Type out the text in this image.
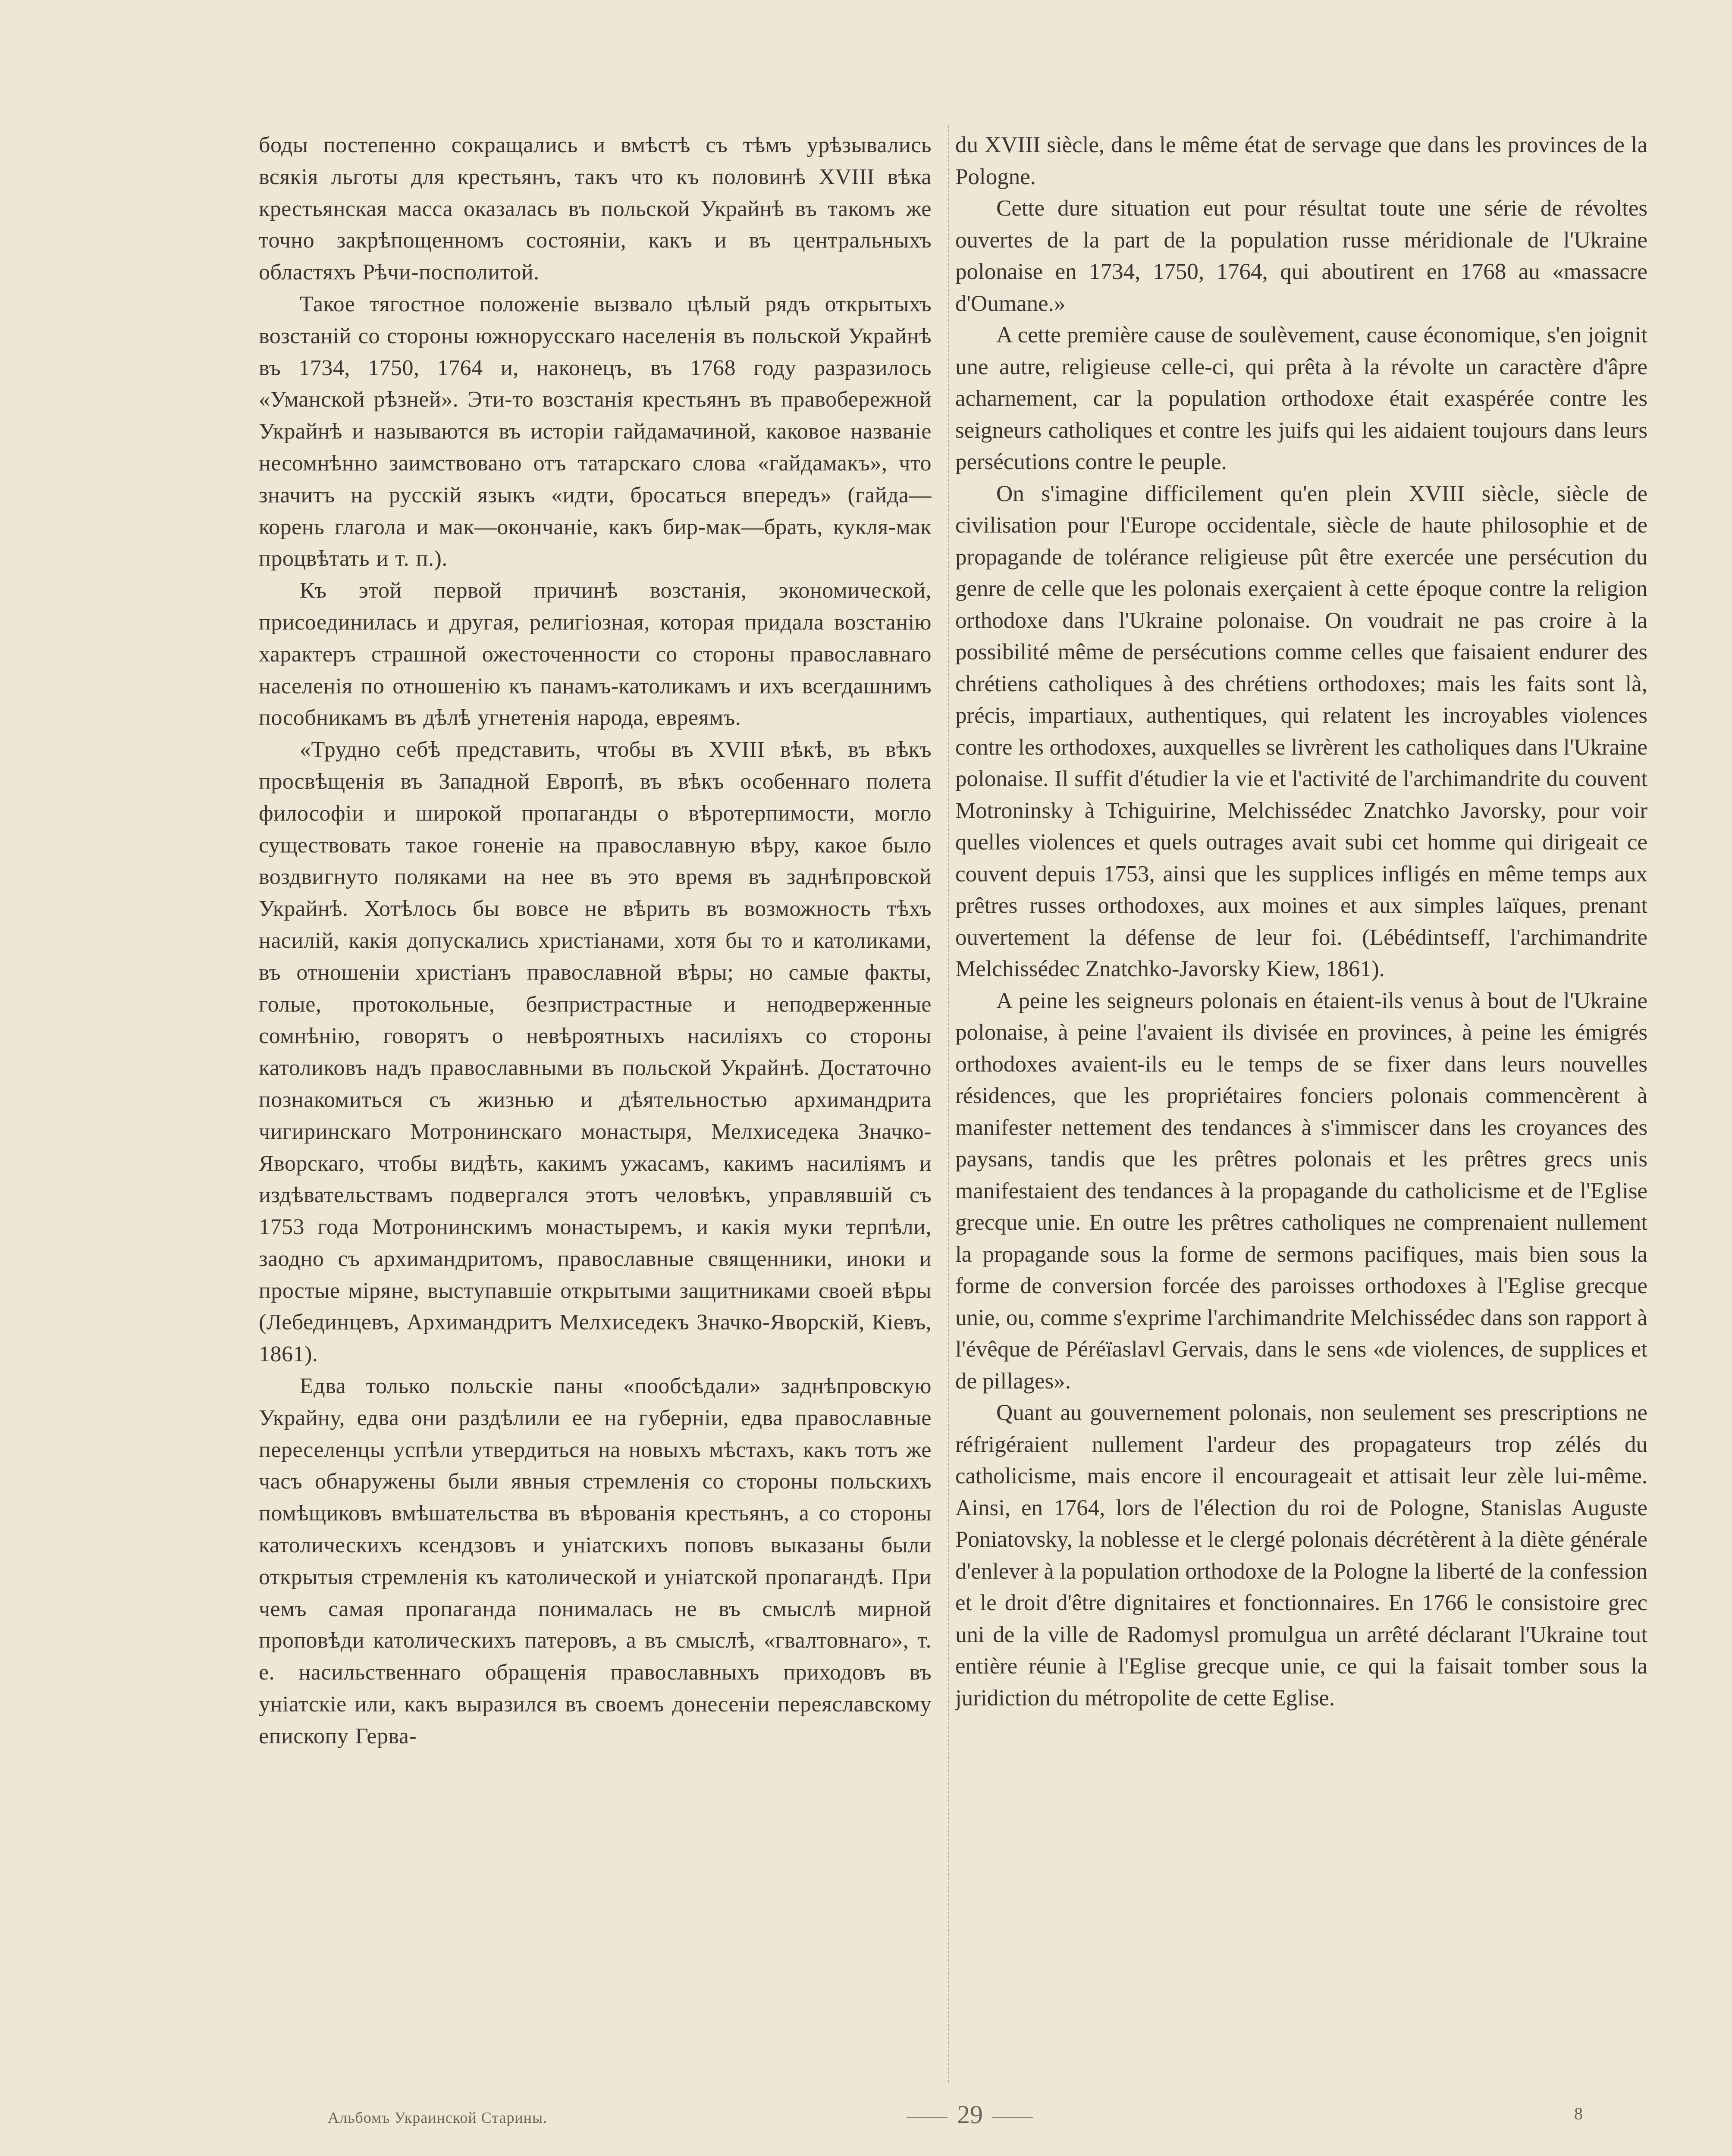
боды постепенно сокращались и вмѣстѣ съ тѣмъ урѣзывались всякія льготы для крестьянъ, такъ что къ половинѣ XVIII вѣка крестьянская масса оказалась въ польской Украйнѣ въ такомъ же точно закрѣпощенномъ состояніи, какъ и въ центральныхъ областяхъ Рѣчи-посполитой.

Такое тягостное положеніе вызвало цѣлый рядъ открытыхъ возстаній со стороны южнорусскаго населенія въ польской Украйнѣ въ 1734, 1750, 1764 и, наконецъ, въ 1768 году разразилось «Уманской рѣзней». Эти-то возстанія крестьянъ въ правобережной Украйнѣ и называются въ исторіи гайдамачиной, каковое названіе несомнѣнно заимствовано отъ татарскаго слова «гайдамакъ», что значитъ на русскій языкъ «идти, бросаться впередъ» (гайда—корень глагола и мак—окончаніе, какъ бир-мак—брать, кукля-мак процвѣтать и т. п.).

Къ этой первой причинѣ возстанія, экономической, присоединилась и другая, религіозная, которая придала возстанію характеръ страшной ожесточенности со стороны православнаго населенія по отношенію къ панамъ-католикамъ и ихъ всегдашнимъ пособникамъ въ дѣлѣ угнетенія народа, евреямъ.

«Трудно себѣ представить, чтобы въ XVIII вѣкѣ, въ вѣкъ просвѣщенія въ Западной Европѣ, въ вѣкъ особеннаго полета философіи и широкой пропаганды о вѣротерпимости, могло существовать такое гоненіе на православную вѣру, какое было воздвигнуто поляками на нее въ это время въ заднѣпровской Украйнѣ. Хотѣлось бы вовсе не вѣрить въ возможность тѣхъ насилій, какія допускались христіанами, хотя бы то и католиками, въ отношеніи христіанъ православной вѣры; но самые факты, голые, протокольные, безпристрастные и неподверженные сомнѣнію, говорятъ о невѣроятныхъ насиліяхъ со стороны католиковъ надъ православными въ польской Украйнѣ. Достаточно познакомиться съ жизнью и дѣятельностью архимандрита чигиринскаго Мотронинскаго монастыря, Мелхиседека Значко-Яворскаго, чтобы видѣть, какимъ ужасамъ, какимъ насиліямъ и издѣвательствамъ подвергался этотъ человѣкъ, управлявшій съ 1753 года Мотронинскимъ монастыремъ, и какія муки терпѣли, заодно съ архимандритомъ, православные священники, иноки и простые міряне, выступавшіе открытыми защитниками своей вѣры (Лебединцевъ, Архимандритъ Мелхиседекъ Значко-Яворскій, Кіевъ, 1861).

Едва только польскіе паны «пообсѣдали» заднѣпровскую Украйну, едва они раздѣлили ее на губерніи, едва православные переселенцы успѣли утвердиться на новыхъ мѣстахъ, какъ тотъ же часъ обнаружены были явныя стремленія со стороны польскихъ помѣщиковъ вмѣшательства въ вѣрованія крестьянъ, а со стороны католическихъ ксендзовъ и уніатскихъ поповъ выказаны были открытыя стремленія къ католической и уніатской пропагандѣ. При чемъ самая пропаганда понималась не въ смыслѣ мирной проповѣди католическихъ патеровъ, а въ смыслѣ, «гвалтовнаго», т. е. насильственнаго обращенія православныхъ приходовъ въ уніатскіе или, какъ выразился въ своемъ донесеніи переяславскому епископу Герва-

du XVIII siècle, dans le même état de servage que dans les provinces de la Pologne.

Cette dure situation eut pour résultat toute une série de révoltes ouvertes de la part de la population russe méridionale de l'Ukraine polonaise en 1734, 1750, 1764, qui aboutirent en 1768 au «massacre d'Oumane.»

A cette première cause de soulèvement, cause économique, s'en joignit une autre, religieuse celle-ci, qui prêta à la révolte un caractère d'âpre acharnement, car la population orthodoxe était exaspérée contre les seigneurs catholiques et contre les juifs qui les aidaient toujours dans leurs persécutions contre le peuple.

On s'imagine difficilement qu'en plein XVIII siècle, siècle de civilisation pour l'Europe occidentale, siècle de haute philosophie et de propagande de tolérance religieuse pût être exercée une persécution du genre de celle que les polonais exerçaient à cette époque contre la religion orthodoxe dans l'Ukraine polonaise. On voudrait ne pas croire à la possibilité même de persécutions comme celles que faisaient endurer des chrétiens catholiques à des chrétiens orthodoxes; mais les faits sont là, précis, impartiaux, authentiques, qui relatent les incroyables violences contre les orthodoxes, auxquelles se livrèrent les catholiques dans l'Ukraine polonaise. Il suffit d'étudier la vie et l'activité de l'archimandrite du couvent Motroninsky à Tchiguirine, Melchissédec Znatchko Javorsky, pour voir quelles violences et quels outrages avait subi cet homme qui dirigeait ce couvent depuis 1753, ainsi que les supplices infligés en même temps aux prêtres russes orthodoxes, aux moines et aux simples laïques, prenant ouvertement la défense de leur foi. (Lébédintseff, l'archimandrite Melchissédec Znatchko-Javorsky Kiew, 1861).

A peine les seigneurs polonais en étaient-ils venus à bout de l'Ukraine polonaise, à peine l'avaient ils divisée en provinces, à peine les émigrés orthodoxes avaient-ils eu le temps de se fixer dans leurs nouvelles résidences, que les propriétaires fonciers polonais commencèrent à manifester nettement des tendances à s'immiscer dans les croyances des paysans, tandis que les prêtres polonais et les prêtres grecs unis manifestaient des tendances à la propagande du catholicisme et de l'Eglise grecque unie. En outre les prêtres catholiques ne comprenaient nullement la propagande sous la forme de sermons pacifiques, mais bien sous la forme de conversion forcée des paroisses orthodoxes à l'Eglise grecque unie, ou, comme s'exprime l'archimandrite Melchissédec dans son rapport à l'évêque de Péréïaslavl Gervais, dans le sens «de violences, de supplices et de pillages».

Quant au gouvernement polonais, non seulement ses prescriptions ne réfrigéraient nullement l'ardeur des propagateurs trop zélés du catholicisme, mais encore il encourageait et attisait leur zèle lui-même. Ainsi, en 1764, lors de l'élection du roi de Pologne, Stanislas Auguste Poniatovsky, la noblesse et le clergé polonais décrétèrent à la diète générale d'enlever à la population orthodoxe de la Pologne la liberté de la confession et le droit d'être dignitaires et fonctionnaires. En 1766 le consistoire grec uni de la ville de Radomysl promulgua un arrêté déclarant l'Ukraine tout entière réunie à l'Eglise grecque unie, ce qui la faisait tomber sous la juridiction du métropolite de cette Eglise.

Альбомъ Украинской Старины.	29	8
